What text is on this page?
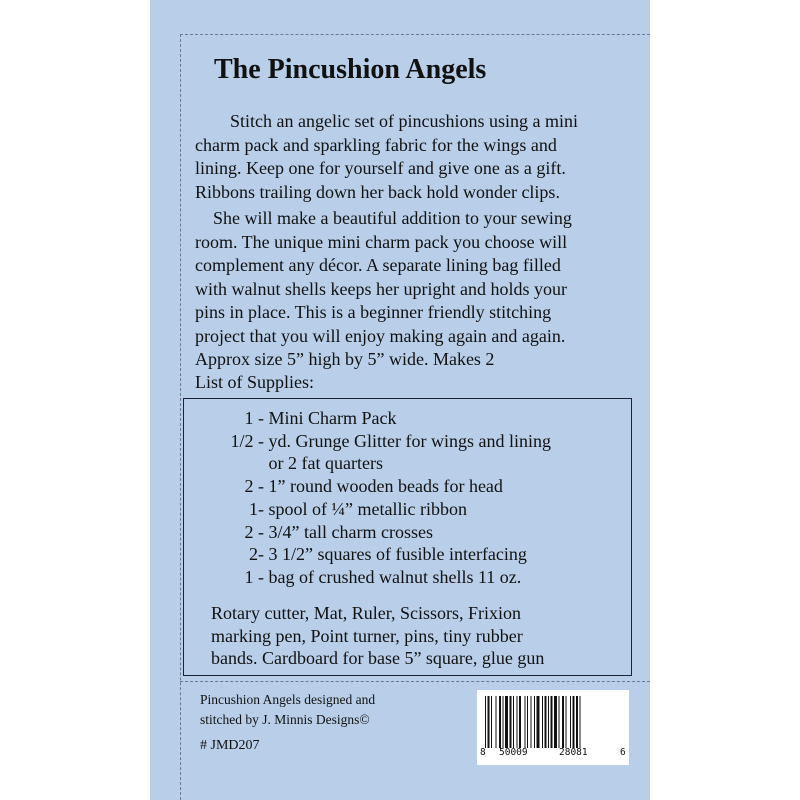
The Pincushion Angels

Stitch an angelic set of pincushions using a mini
charm pack and sparkling fabric for the wings and
lining. Keep one for yourself and give one as a gift.
Ribbons trailing down her back hold wonder clips.

She will make a beautiful addition to your sewing
room. The unique mini charm pack you choose will
complement any décor. A separate lining bag filled
with walnut shells keeps her upright and holds your
pins in place. This is a beginner friendly stitching
project that you will enjoy making again and again.
Approx size 5” high by 5” wide. Makes 2

List of Supplies:

1 - Mini Charm Pack
1/2 - yd. Grunge Glitter for wings and lining
or 2 fat quarters
2 - 1” round wooden beads for head
1- spool of ¼” metallic ribbon
2 - 3/4” tall charm crosses
2- 3 1/2” squares of fusible interfacing
1 - bag of crushed walnut shells 11 oz.

Rotary cutter, Mat, Ruler, Scissors, Frixion
marking pen, Point turner, pins, tiny rubber
bands. Cardboard for base 5” square, glue gun

Pincushion Angels designed and
stitched by J. Minnis Designs©

# JMD207	8 50009	28081	6
